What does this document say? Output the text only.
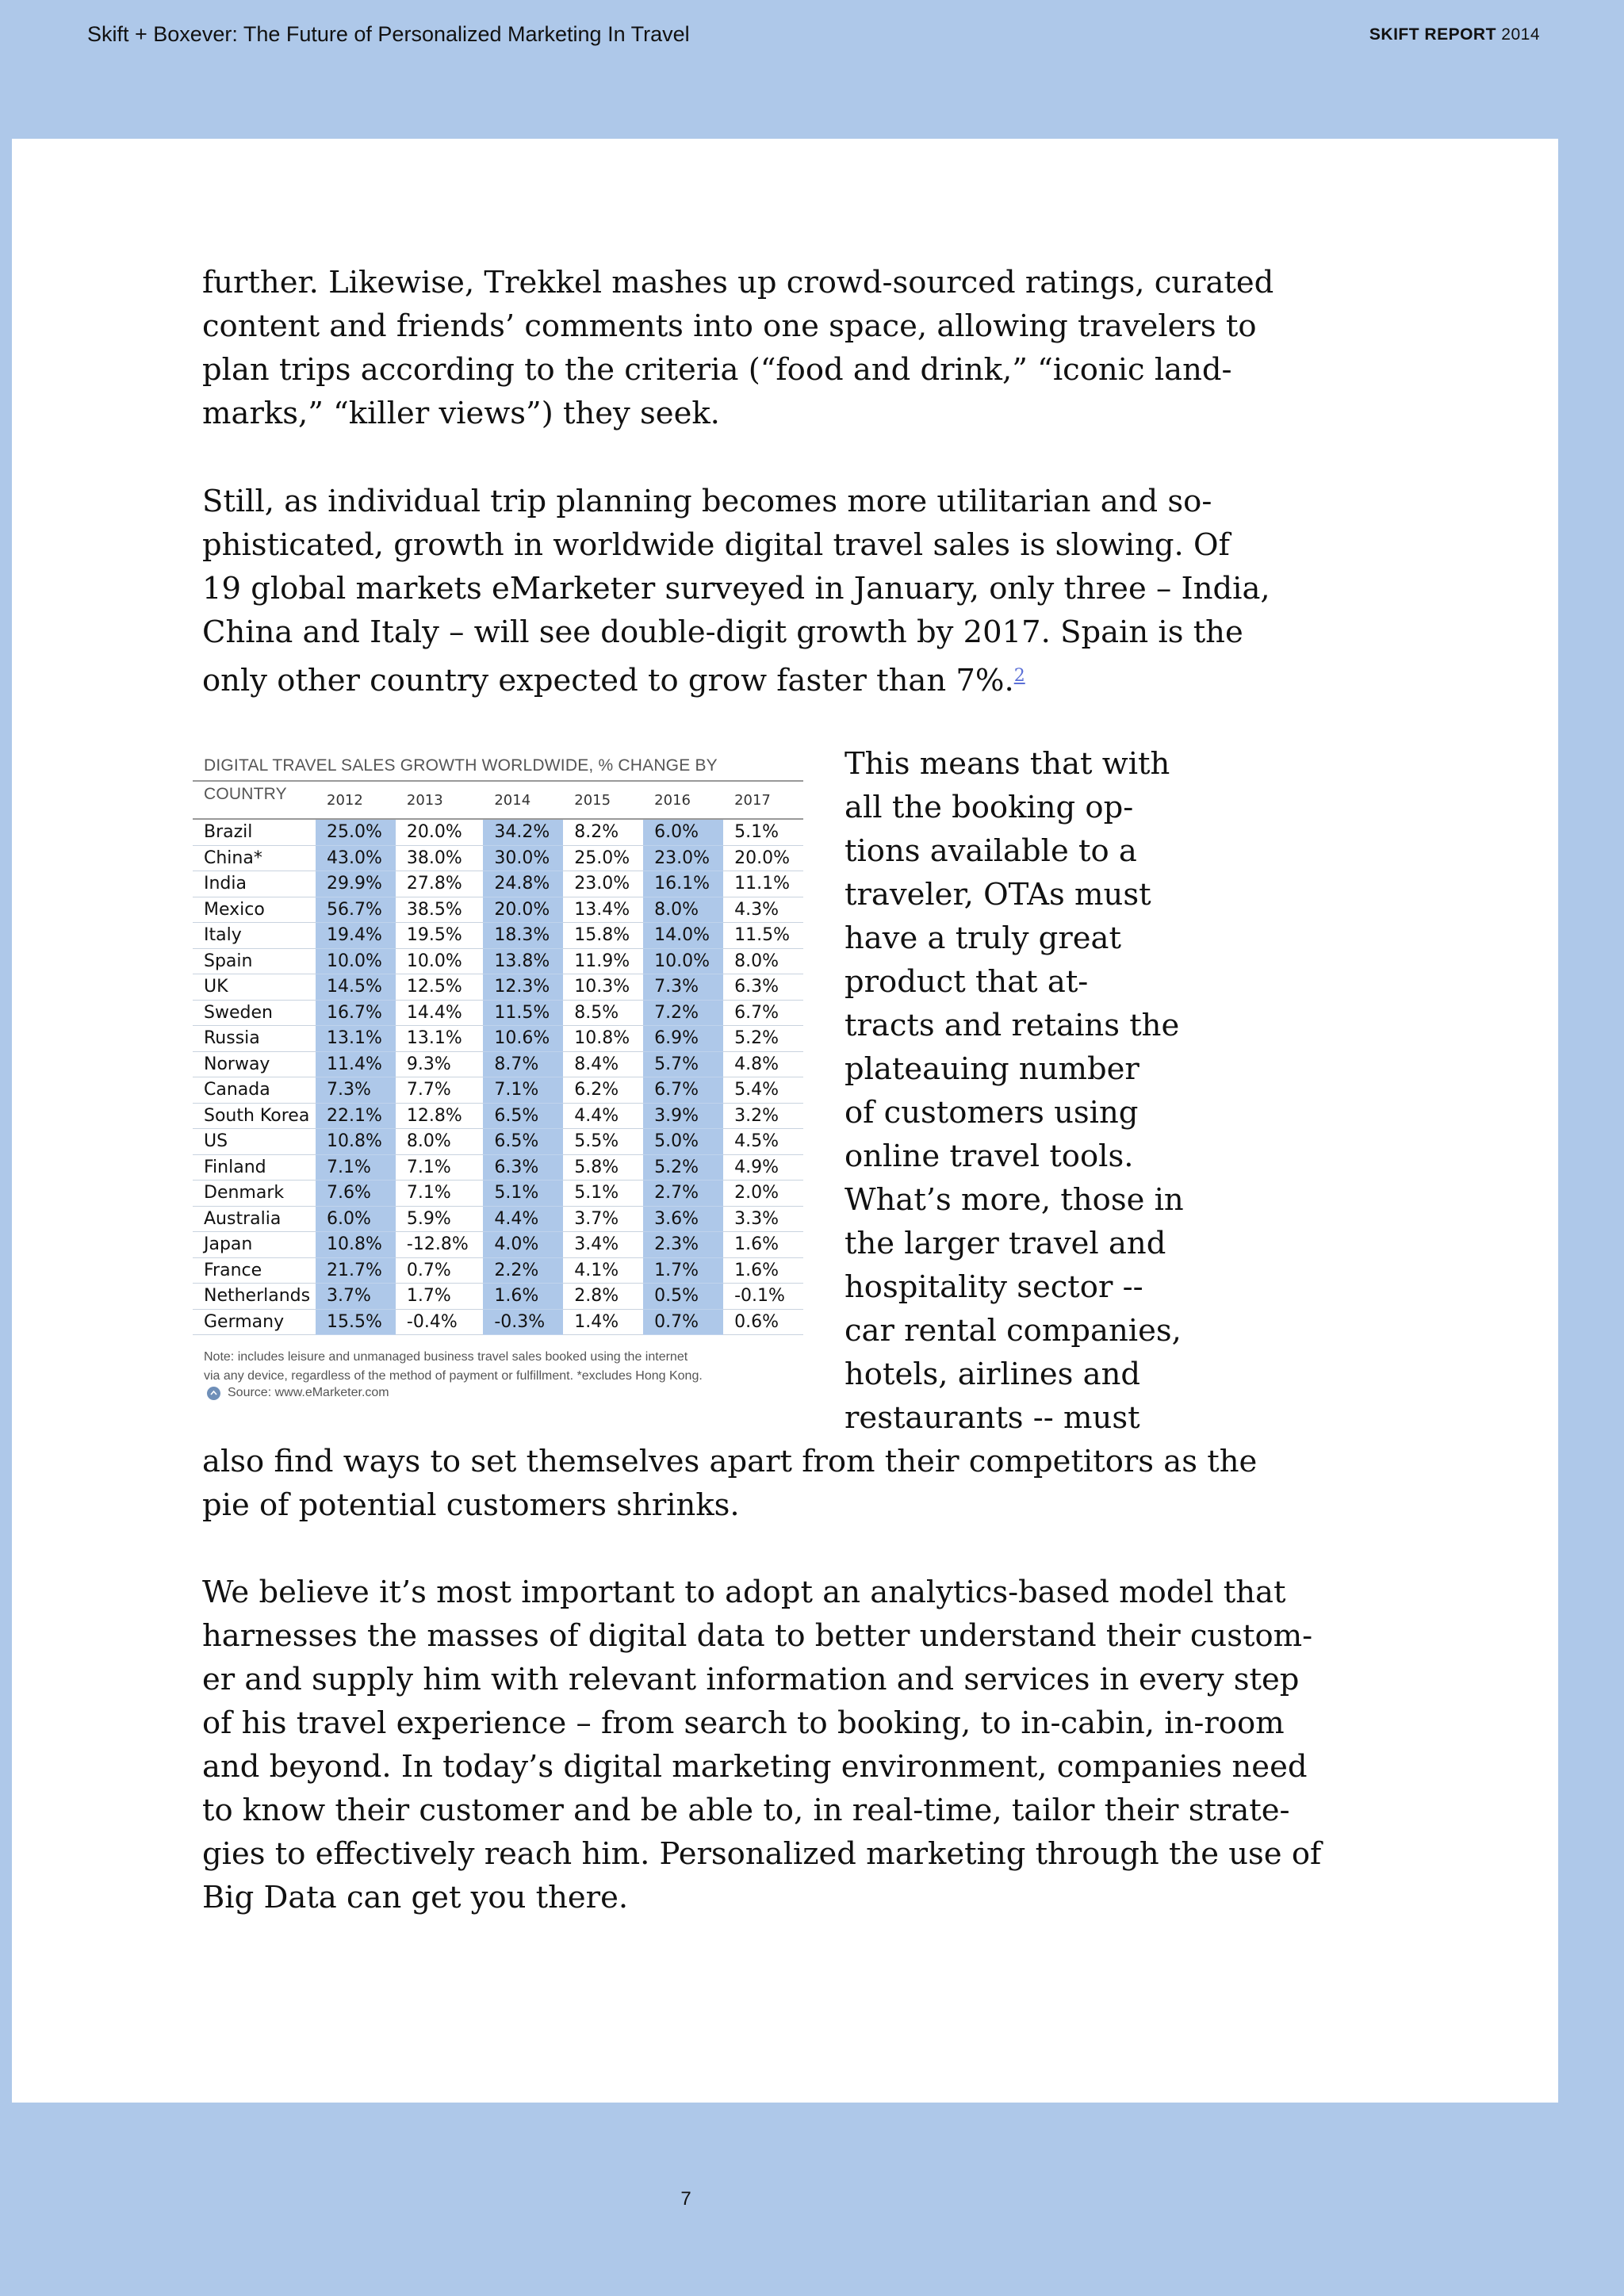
Skift + Boxever: The Future of Personalized Marketing In Travel	SKIFT REPORT 2014
further. Likewise, Trekkel mashes up crowd-sourced ratings, curated
content and friends’ comments into one space, allowing travelers to
plan trips according to the criteria (“food and drink,” “iconic land-
marks,” “killer views”) they seek.
Still, as individual trip planning becomes more utilitarian and so-
phisticated, growth in worldwide digital travel sales is slowing. Of
19 global markets eMarketer surveyed in January, only three – India,
China and Italy – will see double-digit growth by 2017. Spain is the
only other country expected to grow faster than 7%.$^2$
DIGITAL TRAVEL SALES GROWTH WORLDWIDE, % CHANGE BY COUNTRY
		2012	2013	2014	2015	2016	2017
Brazil	25.0%	20.0%	34.2%	8.2%	6.0%	5.1%
China*	43.0%	38.0%	30.0%	25.0%	23.0%	20.0%
India	29.9%	27.8%	24.8%	23.0%	16.1%	11.1%
Mexico	56.7%	38.5%	20.0%	13.4%	8.0%	4.3%
Italy	19.4%	19.5%	18.3%	15.8%	14.0%	11.5%
Spain	10.0%	10.0%	13.8%	11.9%	10.0%	8.0%
UK	14.5%	12.5%	12.3%	10.3%	7.3%	6.3%
Sweden	16.7%	14.4%	11.5%	8.5%	7.2%	6.7%
Russia	13.1%	13.1%	10.6%	10.8%	6.9%	5.2%
Norway	11.4%	9.3%	8.7%	8.4%	5.7%	4.8%
Canada	7.3%	7.7%	7.1%	6.2%	6.7%	5.4%
South Korea	22.1%	12.8%	6.5%	4.4%	3.9%	3.2%
US	10.8%	8.0%	6.5%	5.5%	5.0%	4.5%
Finland	7.1%	7.1%	6.3%	5.8%	5.2%	4.9%
Denmark	7.6%	7.1%	5.1%	5.1%	2.7%	2.0%
Australia	6.0%	5.9%	4.4%	3.7%	3.6%	3.3%
Japan	10.8%	-12.8%	4.0%	3.4%	2.3%	1.6%
France	21.7%	0.7%	2.2%	4.1%	1.7%	1.6%
Netherlands	3.7%	1.7%	1.6%	2.8%	0.5%	-0.1%
Germany	15.5%	-0.4%	-0.3%	1.4%	0.7%	0.6%
Note: includes leisure and unmanaged business travel sales booked using the internet
via any device, regardless of the method of payment or fulfillment. *excludes Hong Kong.
Source: www.eMarketer.com
This means that with
all the booking op-
tions available to a
traveler, OTAs must
have a truly great
product that at-
tracts and retains the
plateauing number
of customers using
online travel tools.
What’s more, those in
the larger travel and
hospitality sector --
car rental companies,
hotels, airlines and
restaurants -- must
also find ways to set themselves apart from their competitors as the
pie of potential customers shrinks.
We believe it’s most important to adopt an analytics-based model that
harnesses the masses of digital data to better understand their custom-
er and supply him with relevant information and services in every step
of his travel experience – from search to booking, to in-cabin, in-room
and beyond. In today’s digital marketing environment, companies need
to know their customer and be able to, in real-time, tailor their strate-
gies to effectively reach him. Personalized marketing through the use of
Big Data can get you there.
7
